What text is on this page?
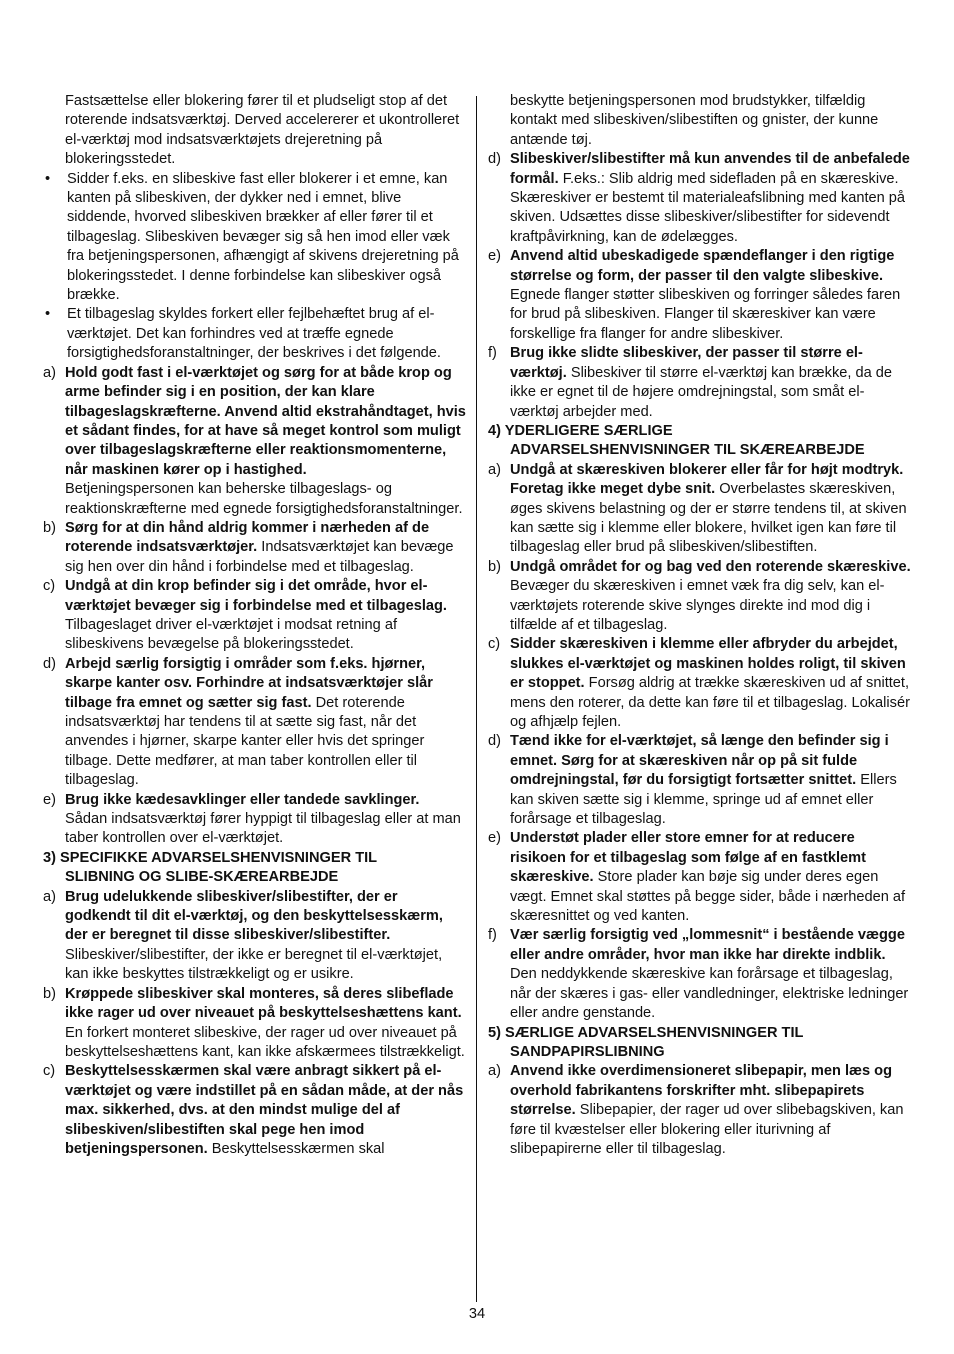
Fastsættelse eller blokering fører til et pludseligt stop af det roterende indsatsværktøj. Derved accelererer et ukontrolleret el-værktøj mod indsatsværktøjets drejeretning på blokeringsstedet.

•	Sidder f.eks. en slibeskive fast eller blokerer i et emne, kan kanten på slibeskiven, der dykker ned i emnet, blive siddende, hvorved slibeskiven brækker af eller fører til et tilbageslag. Slibeskiven bevæger sig så hen imod eller væk fra betjeningspersonen, afhængigt af skivens drejeretning på blokeringsstedet. I denne forbindelse kan slibeskiver også brække.
•	Et tilbageslag skyldes forkert eller fejlbehæftet brug af el-værktøjet. Det kan forhindres ved at træffe egnede forsigtighedsforanstaltninger, der beskrives i det følgende.
a) Hold godt fast i el-værktøjet og sørg for at både krop og arme befinder sig i en position, der kan klare tilbageslagskræfterne. Anvend altid ekstrahåndtaget, hvis et sådant findes, for at have så meget kontrol som muligt over tilbageslagskræfterne eller reaktionsmomenterne, når maskinen kører op i hastighed.
Betjeningspersonen kan beherske tilbageslags- og reaktionskræfterne med egnede forsigtighedsforanstaltninger.
b) Sørg for at din hånd aldrig kommer i nærheden af de roterende indsatsværktøjer. Indsatsværktøjet kan bevæge sig hen over din hånd i forbindelse med et tilbageslag.
c) Undgå at din krop befinder sig i det område, hvor el-værktøjet bevæger sig i forbindelse med et tilbageslag. Tilbageslaget driver el-værktøjet i modsat retning af slibeskivens bevægelse på blokeringsstedet.
d) Arbejd særlig forsigtig i områder som f.eks. hjørner, skarpe kanter osv. Forhindre at indsatsværktøjer slår tilbage fra emnet og sætter sig fast. Det roterende indsatsværktøj har tendens til at sætte sig fast, når det anvendes i hjørner, skarpe kanter eller hvis det springer tilbage. Dette medfører, at man taber kontrollen eller til tilbageslag.
e) Brug ikke kædesavklinger eller tandede savklinger.
Sådan indsatsværktøj fører hyppigt til tilbageslag eller at man taber kontrollen over el-værktøjet.
3) SPECIFIKKE ADVARSELSHENVISNINGER TIL
SLIBNING OG SLIBE-SKÆREARBEJDE
a) Brug udelukkende slibeskiver/slibestifter, der er godkendt til dit el-værktøj, og den beskyttelsesskærm, der er beregnet til disse slibeskiver/slibestifter. Slibeskiver/slibestifter, der ikke er beregnet til el-værktøjet, kan ikke beskyttes tilstrækkeligt og er usikre.
b) Krøppede slibeskiver skal monteres, så deres slibeflade ikke rager ud over niveauet på beskyttelseshættens kant. En forkert monteret slibeskive, der rager ud over niveauet på beskyttelseshættens kant, kan ikke afskærmees tilstrækkeligt.
c) Beskyttelsesskærmen skal være anbragt sikkert på el-værktøjet og være indstillet på en sådan måde, at der nås max. sikkerhed, dvs. at den mindst mulige del af slibeskiven/slibestiften skal pege hen imod betjeningspersonen. Beskyttelsesskærmen skal

beskytte betjeningspersonen mod brudstykker, tilfældig kontakt med slibeskiven/slibestiften og gnister, der kunne antænde tøj.

d) Slibeskiver/slibestifter må kun anvendes til de anbefalede formål. F.eks.: Slib aldrig med sidefladen på en skæreskive. Skæreskiver er bestemt til materialeafslibning med kanten på skiven. Udsættes disse slibeskiver/slibestifter for sidevendt kraftpåvirkning, kan de ødelægges.
e) Anvend altid ubeskadigede spændeflanger i den rigtige størrelse og form, der passer til den valgte slibeskive. Egnede flanger støtter slibeskiven og forringer således faren for brud på slibeskiven. Flanger til skæreskiver kan være forskellige fra flanger for andre slibeskiver.
f) Brug ikke slidte slibeskiver, der passer til større el-værktøj. Slibeskiver til større el-værktøj kan brække, da de ikke er egnet til de højere omdrejningstal, som småt el-værktøj arbejder med.
4) YDERLIGERE SÆRLIGE
ADVARSELSHENVISNINGER TIL SKÆREARBEJDE
a) Undgå at skæreskiven blokerer eller får for højt modtryk. Foretag ikke meget dybe snit. Overbelastes skæreskiven, øges skivens belastning og der er større tendens til, at skiven kan sætte sig i klemme eller blokere, hvilket igen kan føre til tilbageslag eller brud på slibeskiven/slibestiften.
b) Undgå området for og bag ved den roterende skæreskive. Bevæger du skæreskiven i emnet væk fra dig selv, kan el-værktøjets roterende skive slynges direkte ind mod dig i tilfælde af et tilbageslag.
c) Sidder skæreskiven i klemme eller afbryder du arbejdet, slukkes el-værktøjet og maskinen holdes roligt, til skiven er stoppet. Forsøg aldrig at trække skæreskiven ud af snittet, mens den roterer, da dette kan føre til et tilbageslag. Lokalisér og afhjælp fejlen.
d) Tænd ikke for el-værktøjet, så længe den befinder sig i emnet. Sørg for at skæreskiven når op på sit fulde omdrejningstal, før du forsigtigt fortsætter snittet. Ellers kan skiven sætte sig i klemme, springe ud af emnet eller forårsage et tilbageslag.
e) Understøt plader eller store emner for at reducere risikoen for et tilbageslag som følge af en fastklemt skæreskive. Store plader kan bøje sig under deres egen vægt. Emnet skal støttes på begge sider, både i nærheden af skæresnittet og ved kanten.
f) Vær særlig forsigtig ved „lommesnit“ i bestående vægge eller andre områder, hvor man ikke har direkte indblik. Den neddykkende skæreskive kan forårsage et tilbageslag, når der skæres i gas- eller vandledninger, elektriske ledninger eller andre genstande.
5) SÆRLIGE ADVARSELSHENVISNINGER TIL
SANDPAPIRSLIBNING
a) Anvend ikke overdimensioneret slibepapir, men læs og overhold fabrikantens forskrifter mht. slibepapirets størrelse. Slibepapier, der rager ud over slibebagskiven, kan føre til kvæstelser eller blokering eller iturivning af slibepapirerne eller til tilbageslag.
34
